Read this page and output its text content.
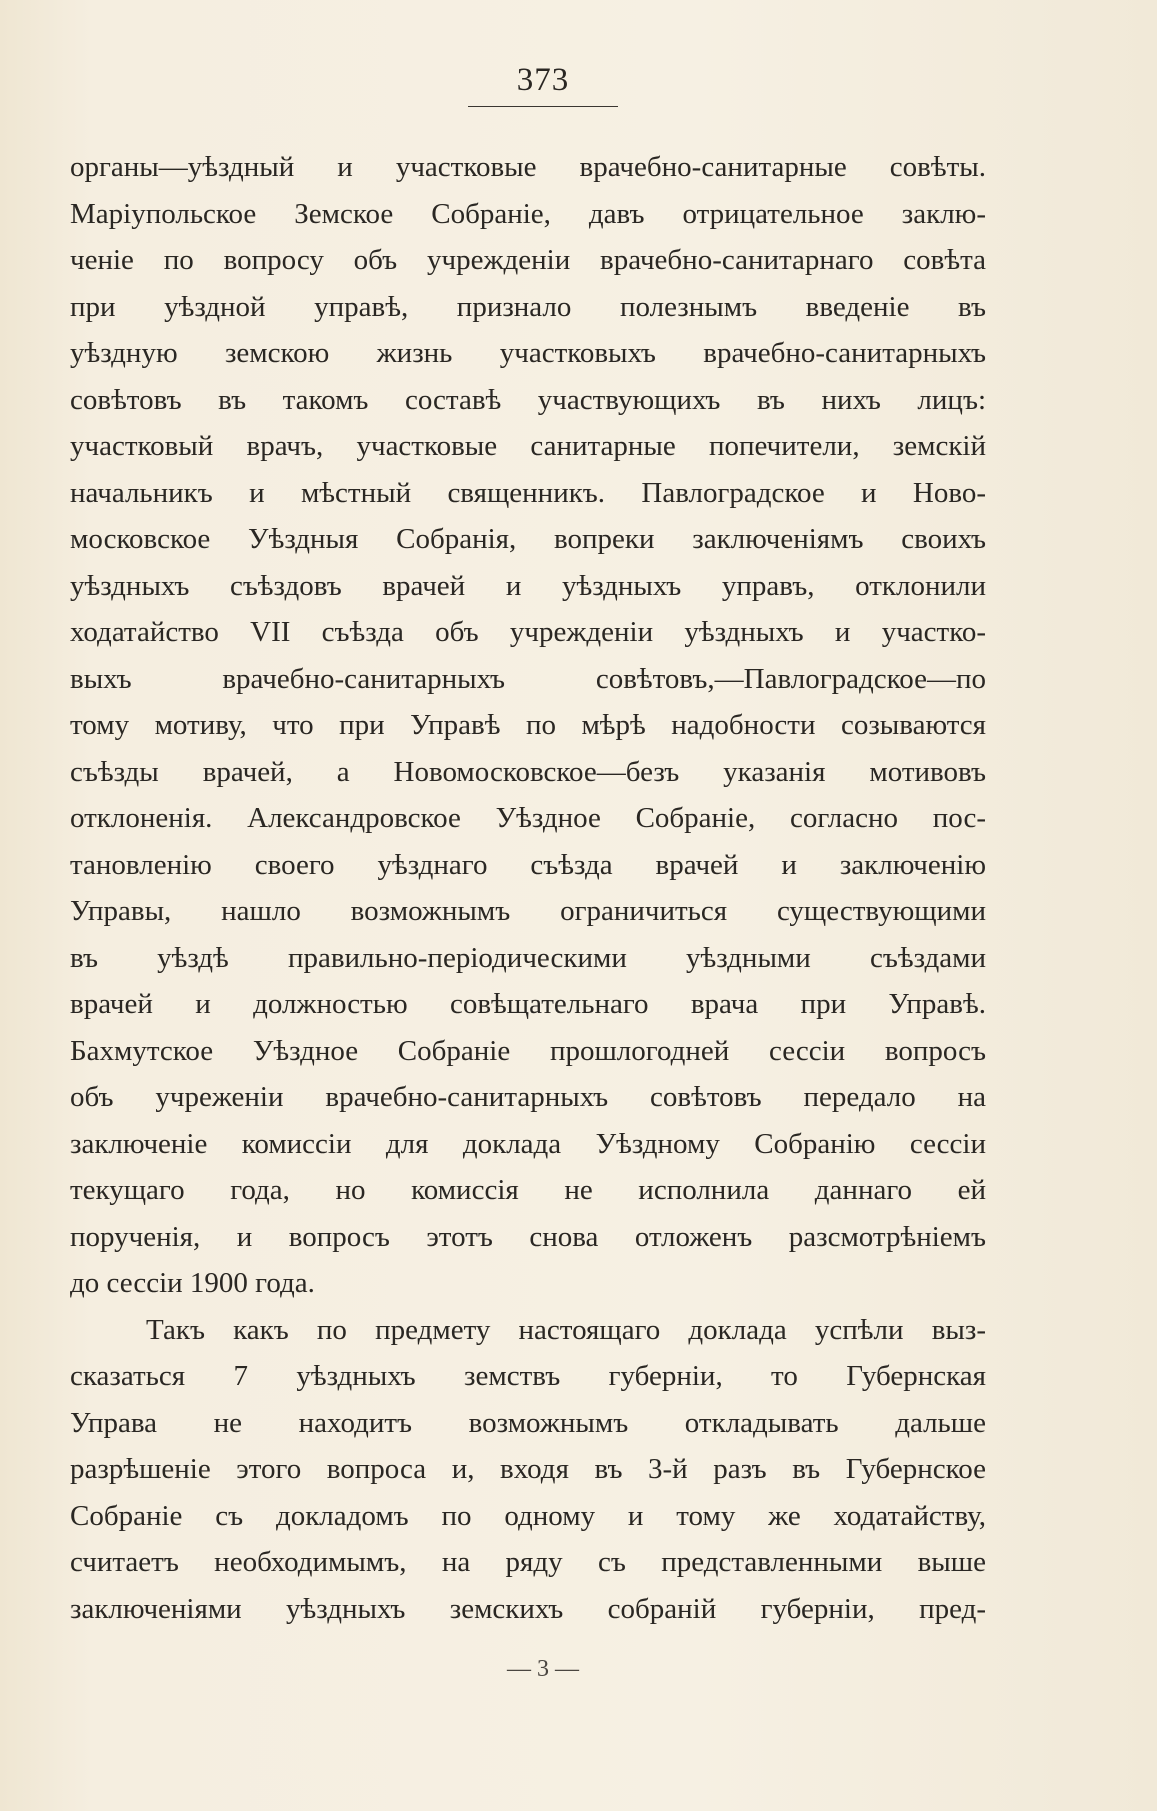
373
органы—уѣздный и участковые врачебно-санитарные совѣты.
Маріупольское Земское Собраніе, давъ отрицательное заклю-
ченіе по вопросу объ учрежденіи врачебно-санитарнаго совѣта
при уѣздной управѣ, признало полезнымъ введеніе въ
уѣздную земскою жизнь участковыхъ врачебно-санитарныхъ
совѣтовъ въ такомъ составѣ участвующихъ въ нихъ лицъ:
участковый врачъ, участковые санитарные попечители, земскій
начальникъ и мѣстный священникъ. Павлоградское и Ново-
московское Уѣздныя Собранія, вопреки заключеніямъ своихъ
уѣздныхъ съѣздовъ врачей и уѣздныхъ управъ, отклонили
ходатайство VII съѣзда объ учрежденіи уѣздныхъ и участко-
выхъ врачебно-санитарныхъ совѣтовъ,—Павлоградское—по
тому мотиву, что при Управѣ по мѣрѣ надобности созываются
съѣзды врачей, а Новомосковское—безъ указанія мотивовъ
отклоненія. Александровское Уѣздное Собраніе, согласно пос-
тановленію своего уѣзднаго съѣзда врачей и заключенію
Управы, нашло возможнымъ ограничиться существующими
въ уѣздѣ правильно-періодическими уѣздными съѣздами
врачей и должностью совѣщательнаго врача при Управѣ.
Бахмутское Уѣздное Собраніе прошлогодней сессіи вопросъ
объ учреженіи врачебно-санитарныхъ совѣтовъ передало на
заключеніе комиссіи для доклада Уѣздному Собранію сессіи
текущаго года, но комиссія не исполнила даннаго ей
порученія, и вопросъ этотъ снова отложенъ разсмотрѣніемъ
до сессіи 1900 года.
Такъ какъ по предмету настоящаго доклада успѣли выз-
сказаться 7 уѣздныхъ земствъ губерніи, то Губернская
Управа не находитъ возможнымъ откладывать дальше
разрѣшеніе этого вопроса и, входя въ 3-й разъ въ Губернское
Собраніе съ докладомъ по одному и тому же ходатайству,
считаетъ необходимымъ, на ряду съ представленными выше
заключеніями уѣздныхъ земскихъ собраній губерніи, пред-
— 3 —
